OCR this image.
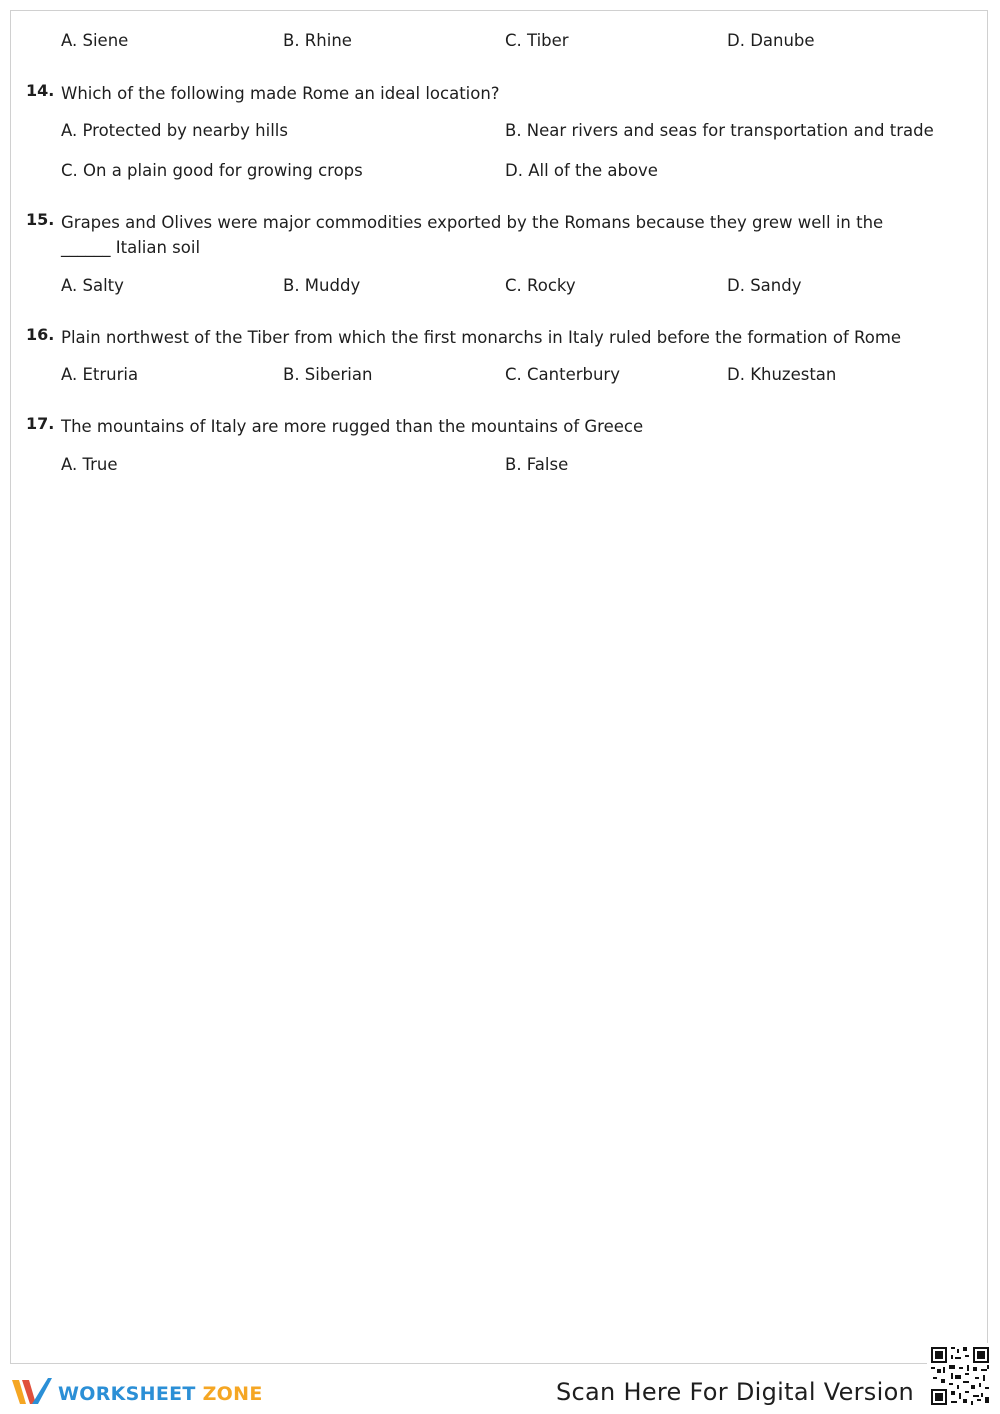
A. Siene	B. Rhine	C. Tiber	D. Danube
14. Which of the following made Rome an ideal location?
A. Protected by nearby hills	B. Near rivers and seas for transportation and trade
C. On a plain good for growing crops	D. All of the above
15. Grapes and Olives were major commodities exported by the Romans because they grew well in the ______ Italian soil
A. Salty	B. Muddy	C. Rocky	D. Sandy
16. Plain northwest of the Tiber from which the first monarchs in Italy ruled before the formation of Rome
A. Etruria	B. Siberian	C. Canterbury	D. Khuzestan
17. The mountains of Italy are more rugged than the mountains of Greece
A. True	B. False
WORKSHEET ZONE	Scan Here For Digital Version
